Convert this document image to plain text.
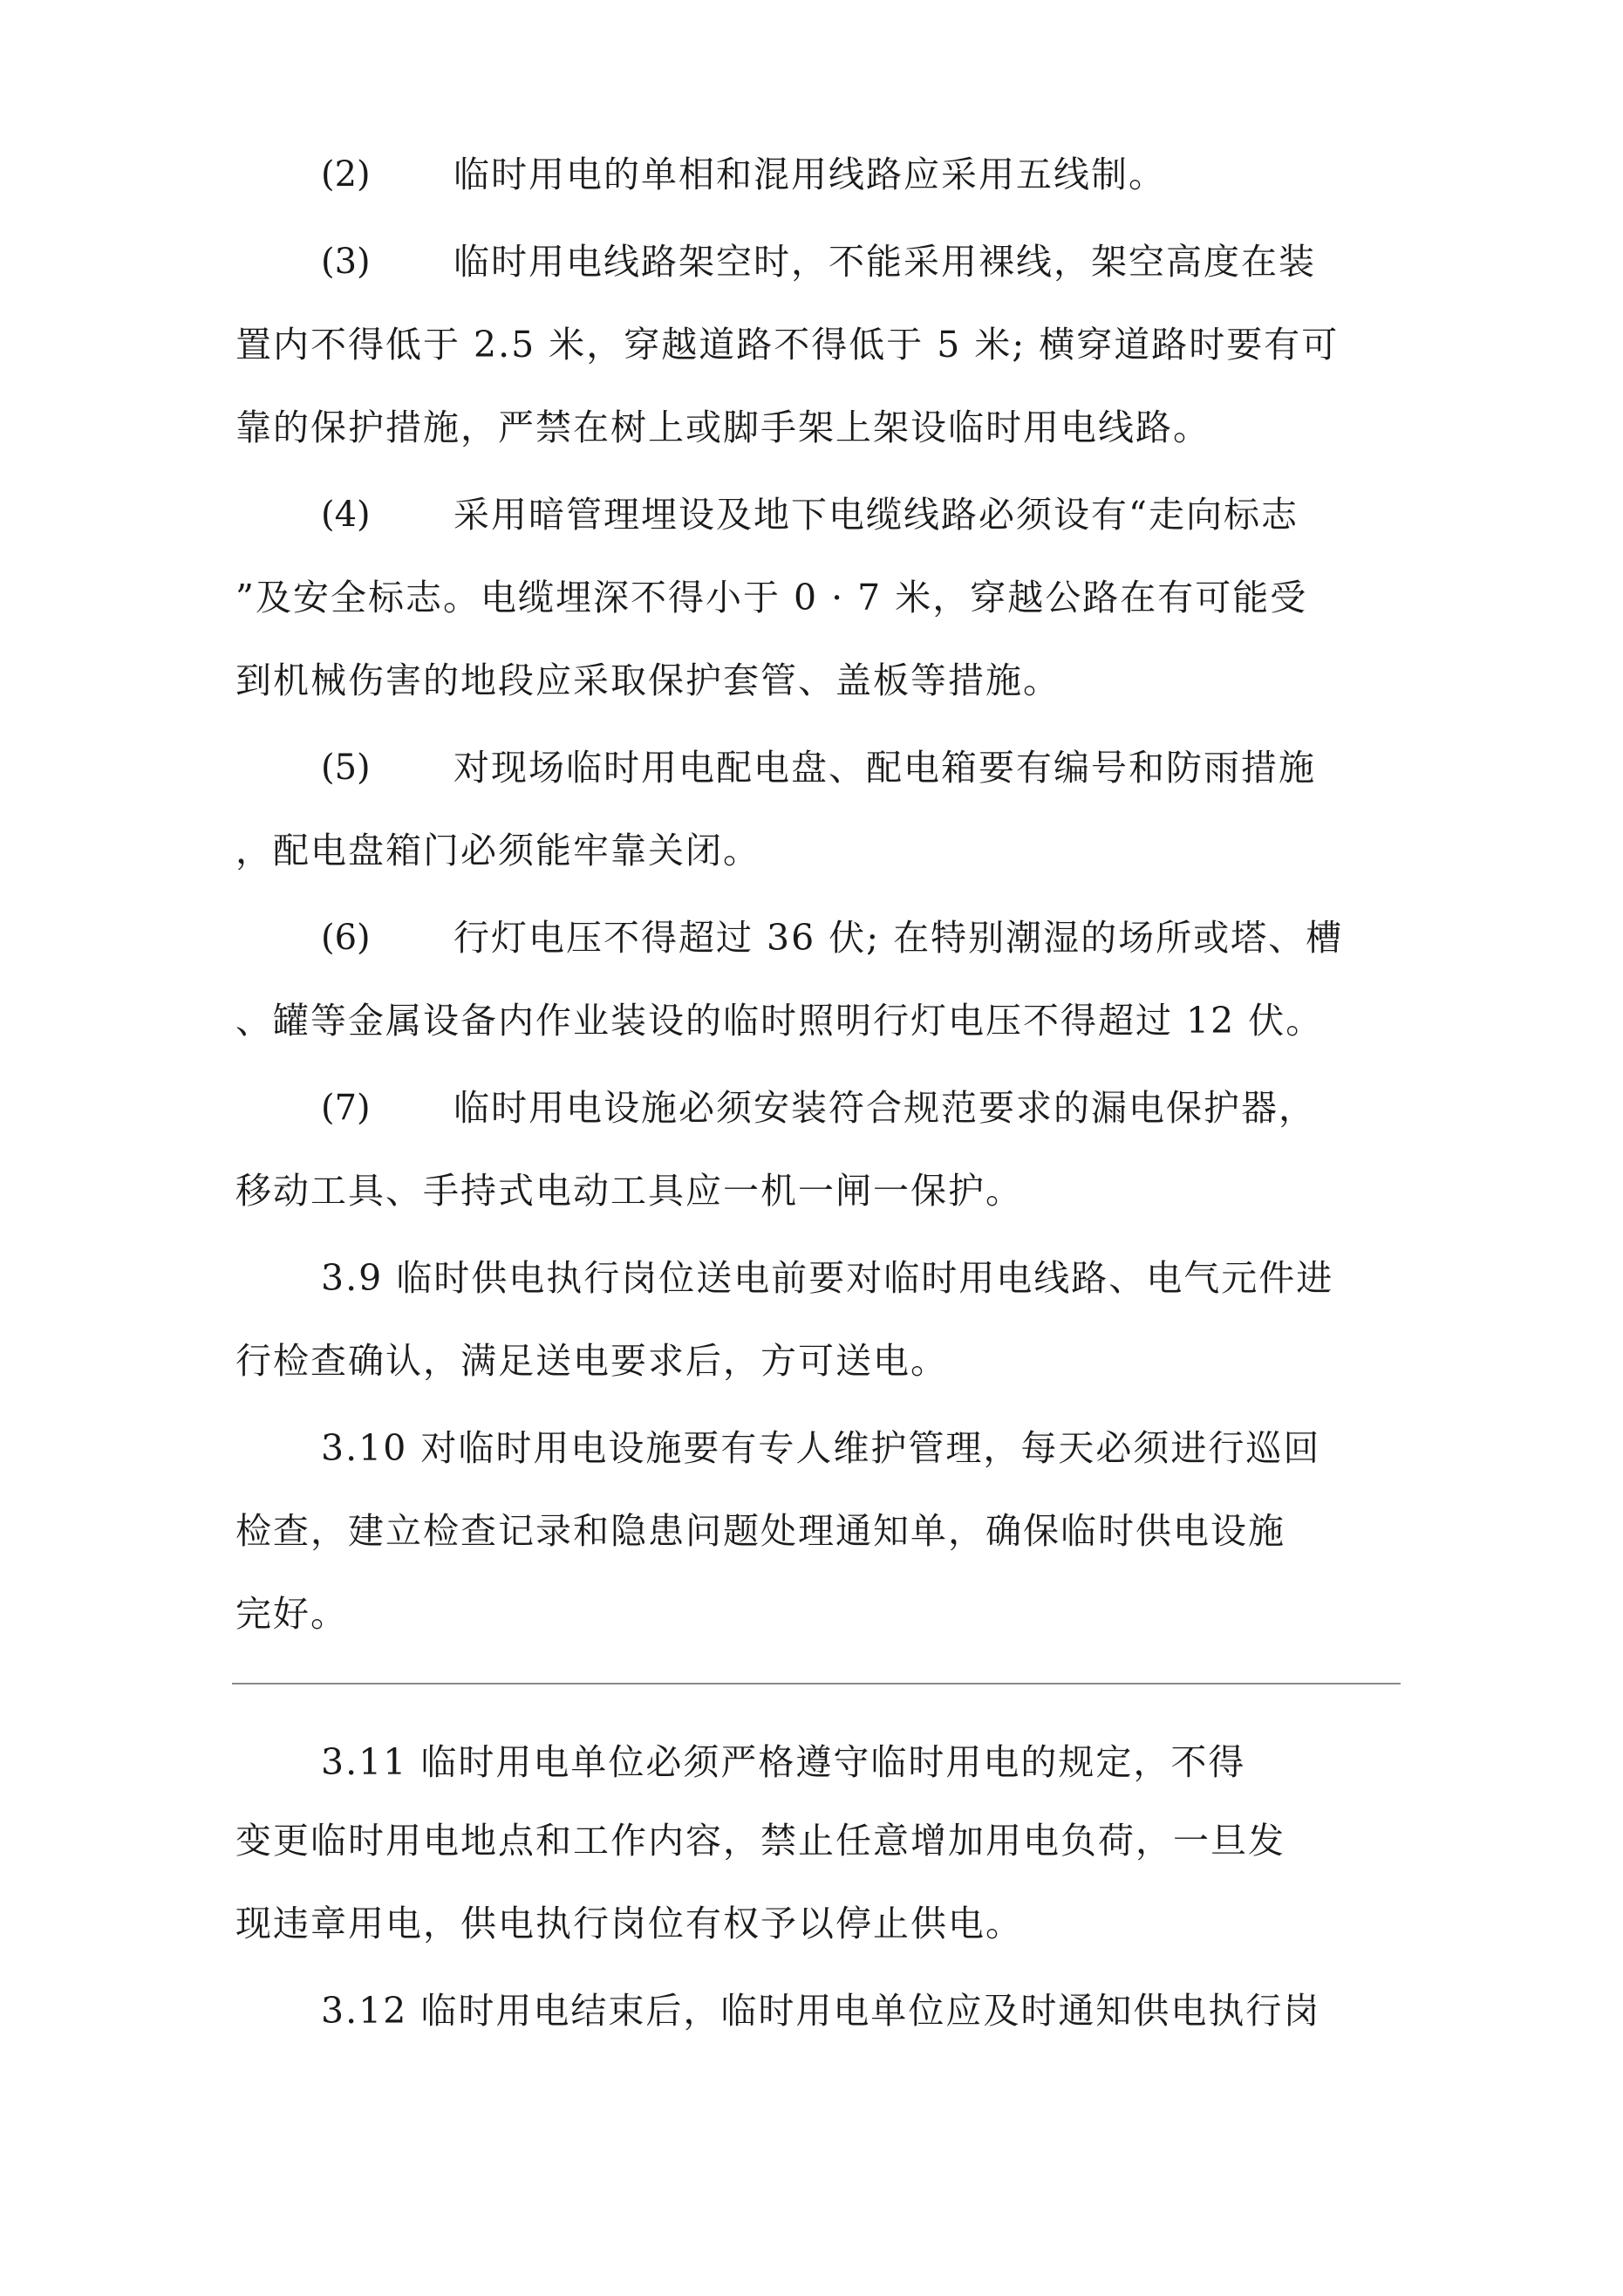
(2) 临时用电的单相和混用线路应采用五线制。
(3) 临时用电线路架空时，不能采用裸线，架空高度在装
置内不得低于 2.5 米，穿越道路不得低于 5 米; 横穿道路时要有可
靠的保护措施，严禁在树上或脚手架上架设临时用电线路。
(4) 采用暗管理埋设及地下电缆线路必须设有“走向标志
”及安全标志。电缆埋深不得小于 0 · 7 米，穿越公路在有可能受
到机械伤害的地段应采取保护套管、盖板等措施。
(5) 对现场临时用电配电盘、配电箱要有编号和防雨措施
，配电盘箱门必须能牢靠关闭。
(6) 行灯电压不得超过 36 伏; 在特别潮湿的场所或塔、槽
、罐等金属设备内作业装设的临时照明行灯电压不得超过 12 伏。
(7) 临时用电设施必须安装符合规范要求的漏电保护器，
移动工具、手持式电动工具应一机一闸一保护。
3.9 临时供电执行岗位送电前要对临时用电线路、电气元件进
行检查确认，满足送电要求后，方可送电。
3.10 对临时用电设施要有专人维护管理，每天必须进行巡回
检查，建立检查记录和隐患问题处理通知单，确保临时供电设施
完好。
3.11 临时用电单位必须严格遵守临时用电的规定，不得
变更临时用电地点和工作内容，禁止任意增加用电负荷，一旦发
现违章用电，供电执行岗位有权予以停止供电。
3.12 临时用电结束后，临时用电单位应及时通知供电执行岗
